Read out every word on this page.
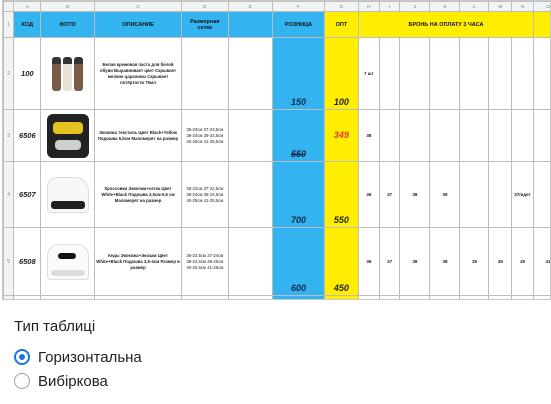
	A	B	C	D	E	F	G	H	I	J	K	L	M	N	O
1	КОД	ФОТО	ОПИСАНИЕ	Размерная сетка		РОЗНИЦА	ОПТ	БРОНЬ НА ОПЛАТУ 3 ЧАСА							
2	100		Белая кремовая паста для белой обуви Выравнивает цвет Скрывает мелкие царапины Скрывает потёртости 75мл			150	100	7 шт							
3	6506		Экокожа текстиль Цвет Black+Yellow Подошва 5,5см Маломерят на размер	36-23см 37-23,5см 38-24см 39-24,5см 40-25см 41-25,5см		550	349	38							
4	6507		Кроссовки Экокожа+сетка Цвет White+Black Подошва 3,5см-5,5 см Маломерят на размер	36-22см 37-22,5см 38-24см 39-24,5см 40-25см 41-25,5см		700	550	36	37	38	39			37/идет	
5	6508		Кеды Экокожа+Экозам Цвет White+Black Подошва 3,5-4см Размер в размер	36-23,5см 37-24см 38-24,5см 39-25см 40-25,5см 41-26см		600	450	36	37	38	38	39	39	40	41

Тип таблиці
Горизонтальна
Вибіркова
